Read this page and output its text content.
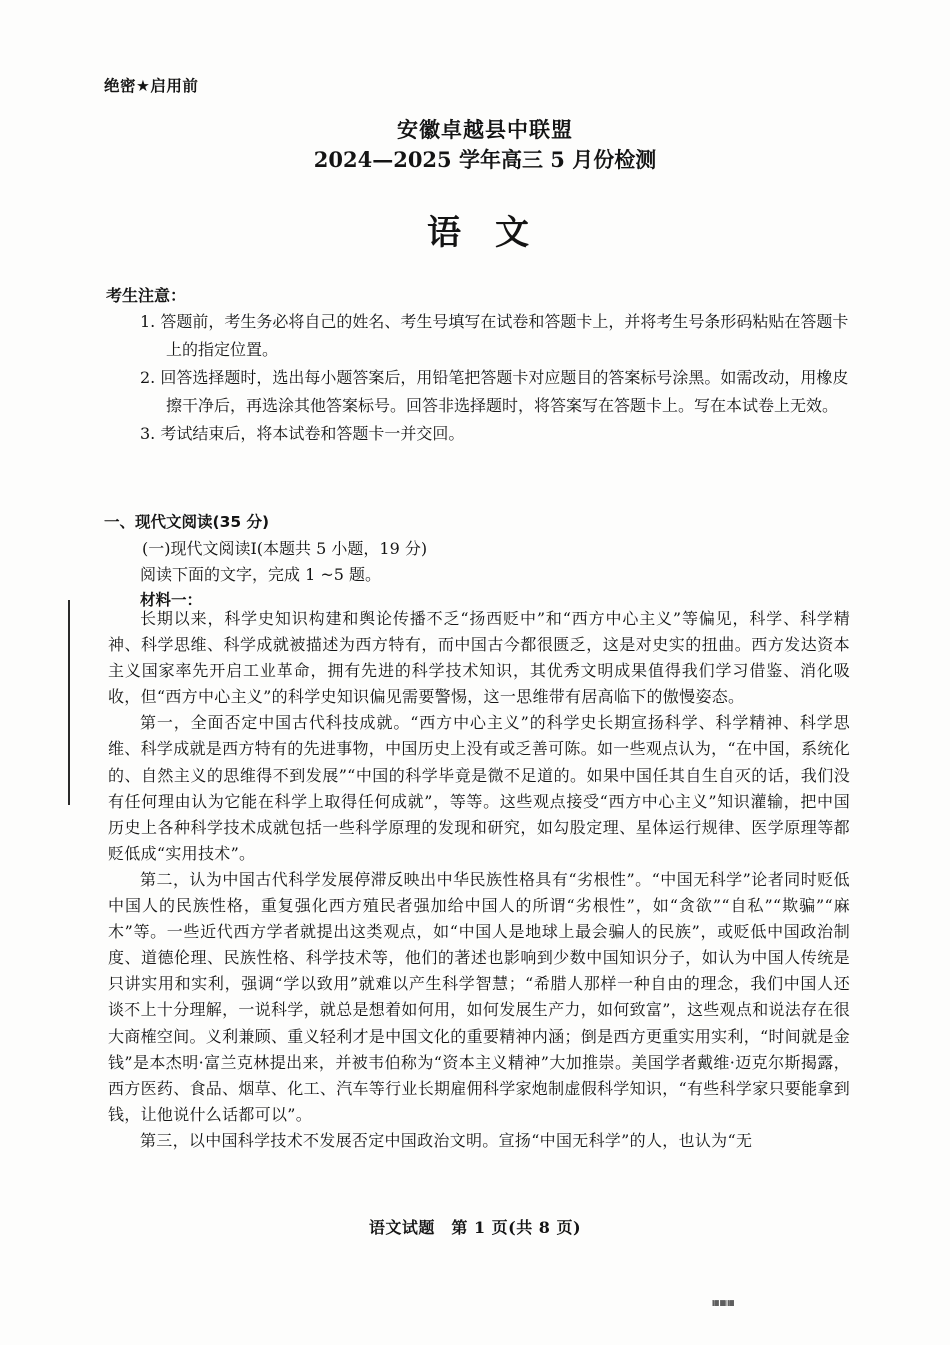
绝密★启用前
安徽卓越县中联盟
2024—2025 学年高三 5 月份检测
语文
考生注意：
1. 答题前，考生务必将自己的姓名、考生号填写在试卷和答题卡上，并将考生号条形码粘贴在答题卡上的指定位置。
2. 回答选择题时，选出每小题答案后，用铅笔把答题卡对应题目的答案标号涂黑。如需改动，用橡皮擦干净后，再选涂其他答案标号。回答非选择题时，将答案写在答题卡上。写在本试卷上无效。
3. 考试结束后，将本试卷和答题卡一并交回。
一、现代文阅读(35 分)
(一)现代文阅读Ⅰ(本题共 5 小题，19 分)
阅读下面的文字，完成 1 ~5 题。
材料一：

长期以来，科学史知识构建和舆论传播不乏“扬西贬中”和“西方中心主义”等偏见，科学、科学精神、科学思维、科学成就被描述为西方特有，而中国古今都很匮乏，这是对史实的扭曲。西方发达资本主义国家率先开启工业革命，拥有先进的科学技术知识，其优秀文明成果值得我们学习借鉴、消化吸收，但“西方中心主义”的科学史知识偏见需要警惕，这一思维带有居高临下的傲慢姿态。

第一，全面否定中国古代科技成就。“西方中心主义”的科学史长期宣扬科学、科学精神、科学思维、科学成就是西方特有的先进事物，中国历史上没有或乏善可陈。如一些观点认为，“在中国，系统化的、自然主义的思维得不到发展”“中国的科学毕竟是微不足道的。如果中国任其自生自灭的话，我们没有任何理由认为它能在科学上取得任何成就”，等等。这些观点接受“西方中心主义”知识灌输，把中国历史上各种科学技术成就包括一些科学原理的发现和研究，如勾股定理、星体运行规律、医学原理等都贬低成“实用技术”。

第二，认为中国古代科学发展停滞反映出中华民族性格具有“劣根性”。“中国无科学”论者同时贬低中国人的民族性格，重复强化西方殖民者强加给中国人的所谓“劣根性”，如“贪欲”“自私”“欺骗”“麻木”等。一些近代西方学者就提出这类观点，如“中国人是地球上最会骗人的民族”，或贬低中国政治制度、道德伦理、民族性格、科学技术等，他们的著述也影响到少数中国知识分子，如认为中国人传统是只讲实用和实利，强调“学以致用”就难以产生科学智慧；“希腊人那样一种自由的理念，我们中国人还谈不上十分理解，一说科学，就总是想着如何用，如何发展生产力，如何致富”，这些观点和说法存在很大商榷空间。义利兼顾、重义轻利才是中国文化的重要精神内涵；倒是西方更重实用实利，“时间就是金钱”是本杰明·富兰克林提出来，并被韦伯称为“资本主义精神”大加推崇。美国学者戴维·迈克尔斯揭露，西方医药、食品、烟草、化工、汽车等行业长期雇佣科学家炮制虚假科学知识，“有些科学家只要能拿到钱，让他说什么话都可以”。

第三，以中国科学技术不发展否定中国政治文明。宣扬“中国无科学”的人，也认为“无

语文试题　第 1 页(共 8 页)
▦▦▦
